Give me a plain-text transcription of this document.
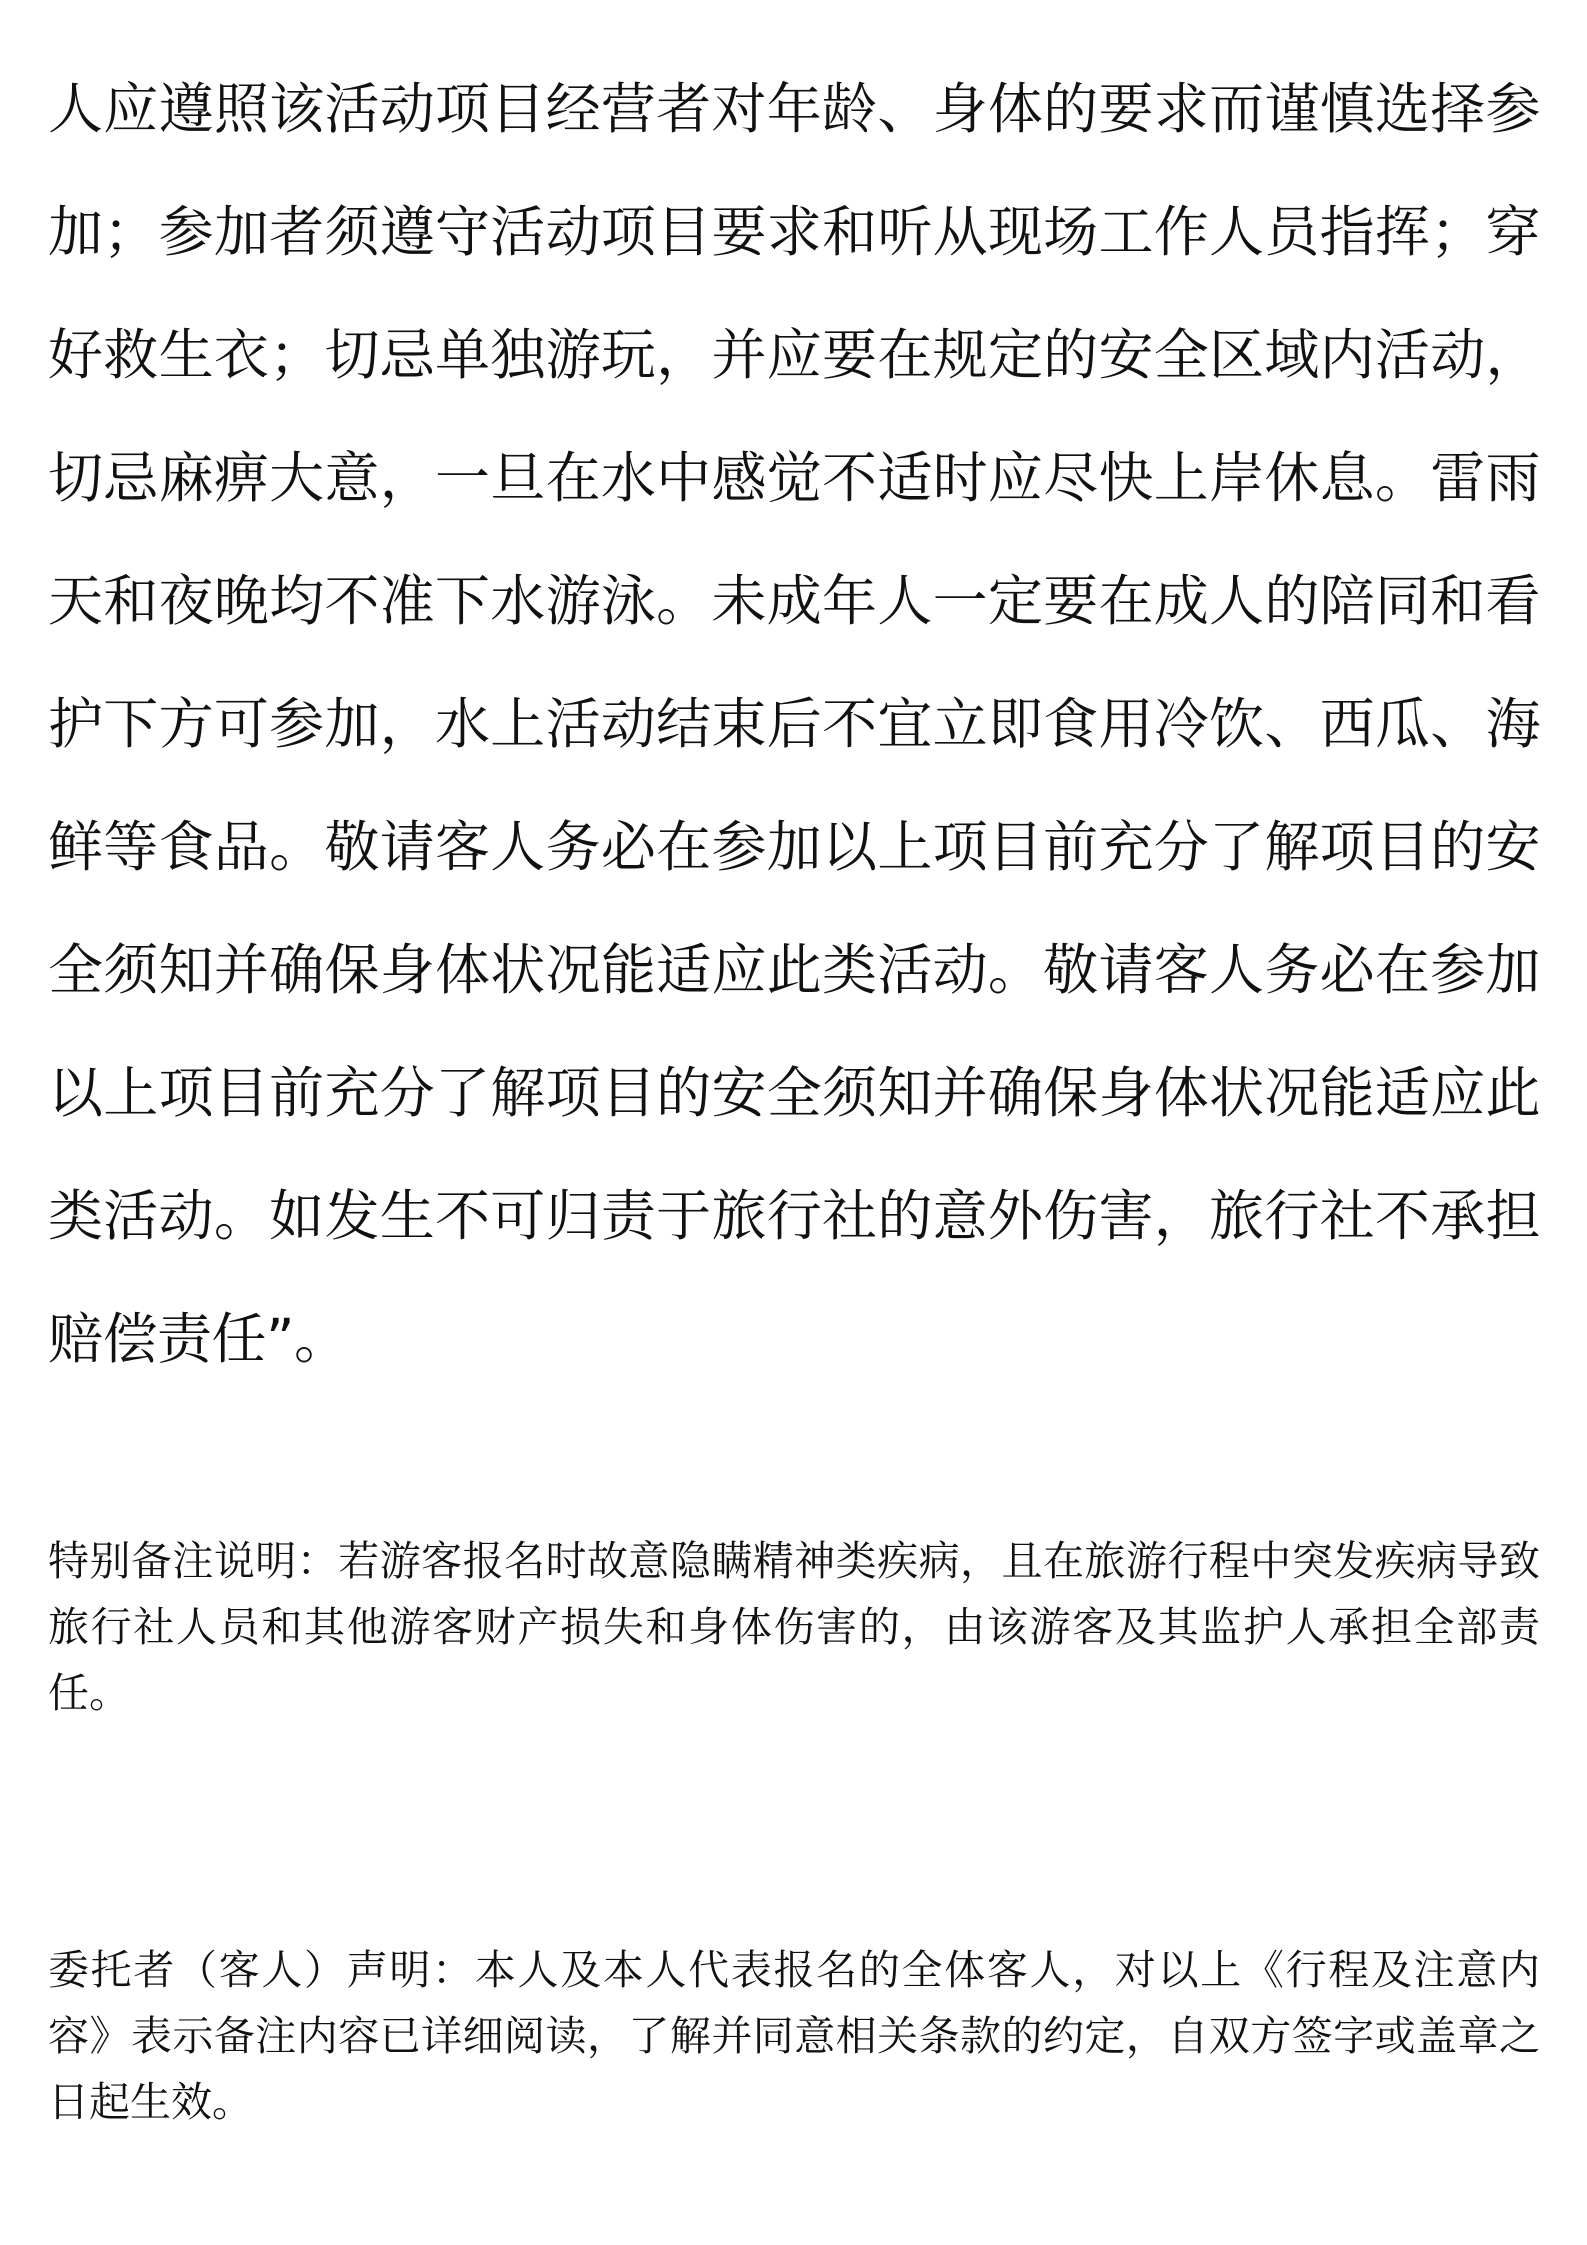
人应遵照该活动项目经营者对年龄、身体的要求而谨慎选择参加；参加者须遵守活动项目要求和听从现场工作人员指挥；穿好救生衣；切忌单独游玩，并应要在规定的安全区域内活动，切忌麻痹大意，一旦在水中感觉不适时应尽快上岸休息。雷雨天和夜晚均不准下水游泳。未成年人一定要在成人的陪同和看护下方可参加，水上活动结束后不宜立即食用冷饮、西瓜、海鲜等食品。敬请客人务必在参加以上项目前充分了解项目的安全须知并确保身体状况能适应此类活动。敬请客人务必在参加以上项目前充分了解项目的安全须知并确保身体状况能适应此类活动。如发生不可归责于旅行社的意外伤害，旅行社不承担赔偿责任”。

特别备注说明：若游客报名时故意隐瞒精神类疾病，且在旅游行程中突发疾病导致旅行社人员和其他游客财产损失和身体伤害的，由该游客及其监护人承担全部责任。

委托者（客人）声明：本人及本人代表报名的全体客人，对以上《行程及注意内容》表示备注内容已详细阅读，了解并同意相关条款的约定，自双方签字或盖章之日起生效。
